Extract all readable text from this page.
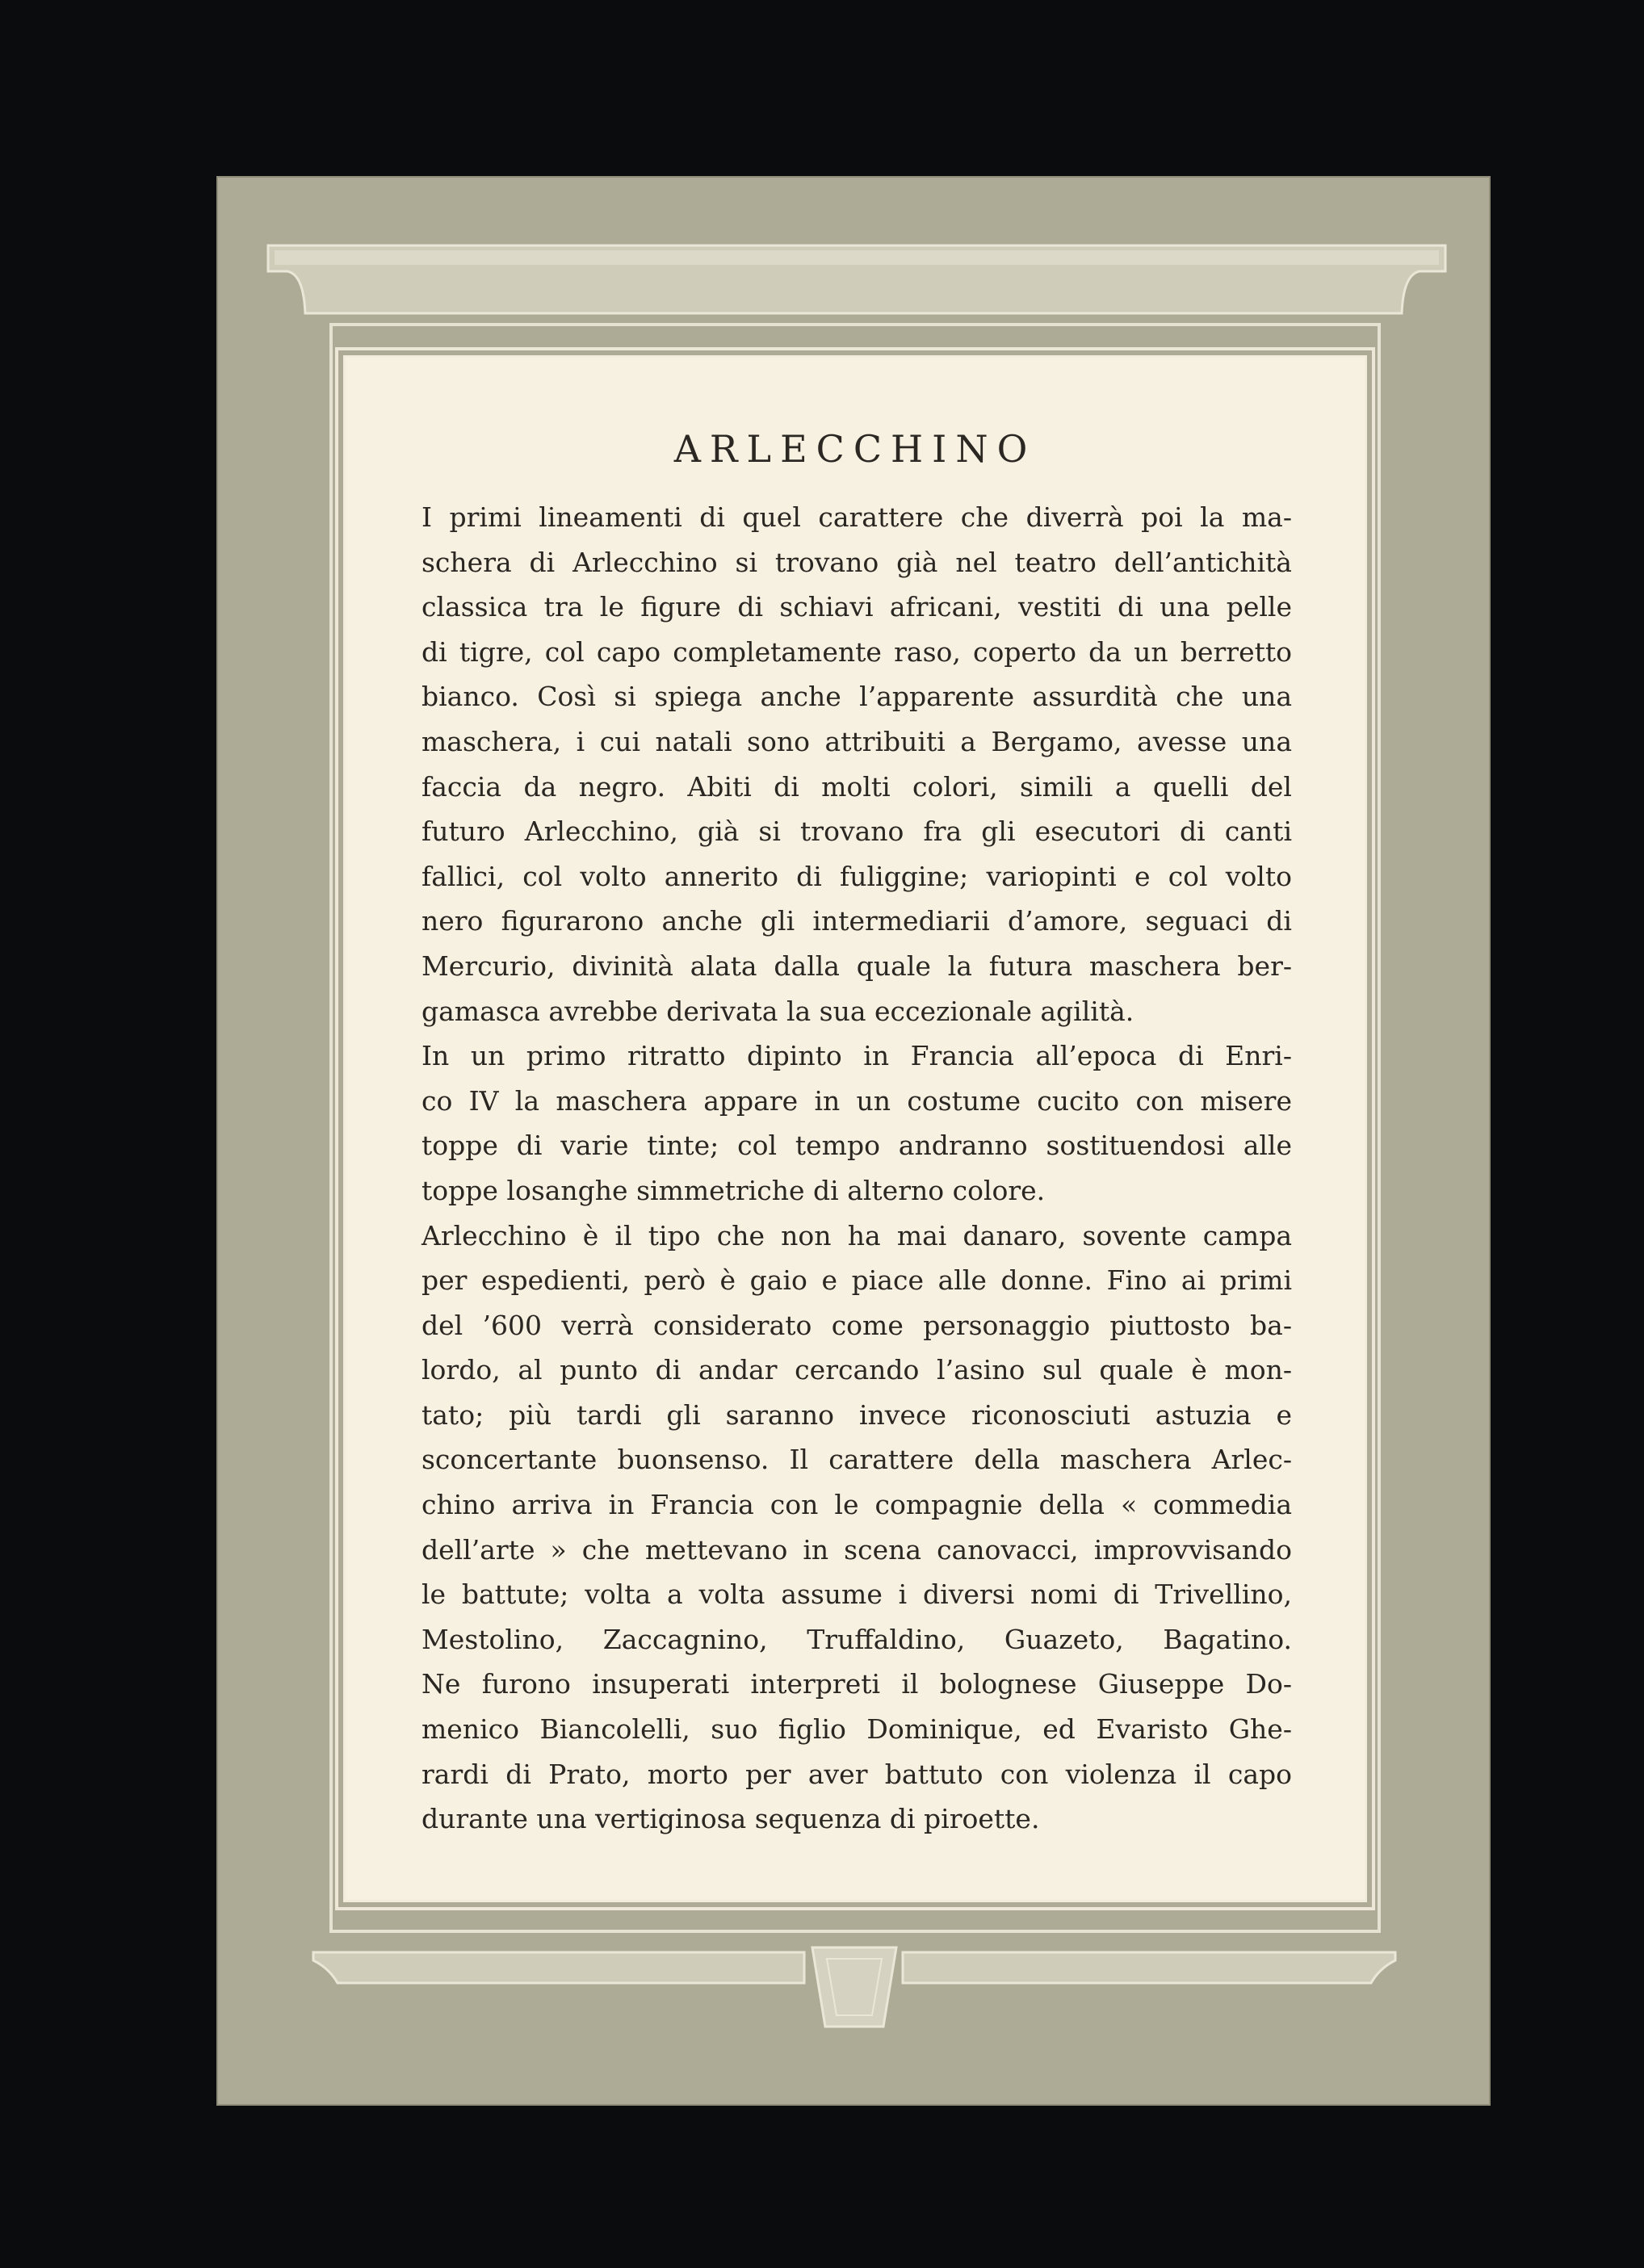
ARLECCHINO
I primi lineamenti di quel carattere che diverrà poi la ma-
schera di Arlecchino si trovano già nel teatro dell’antichità
classica tra le figure di schiavi africani, vestiti di una pelle
di tigre, col capo completamente raso, coperto da un berretto
bianco. Così si spiega anche l’apparente assurdità che una
maschera, i cui natali sono attribuiti a Bergamo, avesse una
faccia da negro. Abiti di molti colori, simili a quelli del
futuro Arlecchino, già si trovano fra gli esecutori di canti
fallici, col volto annerito di fuliggine; variopinti e col volto
nero figurarono anche gli intermediarii d’amore, seguaci di
Mercurio, divinità alata dalla quale la futura maschera ber-
gamasca avrebbe derivata la sua eccezionale agilità.
In un primo ritratto dipinto in Francia all’epoca di Enri-
co IV la maschera appare in un costume cucito con misere
toppe di varie tinte; col tempo andranno sostituendosi alle
toppe losanghe simmetriche di alterno colore.
Arlecchino è il tipo che non ha mai danaro, sovente campa
per espedienti, però è gaio e piace alle donne. Fino ai primi
del ’600 verrà considerato come personaggio piuttosto ba-
lordo, al punto di andar cercando l’asino sul quale è mon-
tato; più tardi gli saranno invece riconosciuti astuzia e
sconcertante buonsenso. Il carattere della maschera Arlec-
chino arriva in Francia con le compagnie della « commedia
dell’arte » che mettevano in scena canovacci, improvvisando
le battute; volta a volta assume i diversi nomi di Trivellino,
Mestolino, Zaccagnino, Truffaldino, Guazeto, Bagatino.
Ne furono insuperati interpreti il bolognese Giuseppe Do-
menico Biancolelli, suo figlio Dominique, ed Evaristo Ghe-
rardi di Prato, morto per aver battuto con violenza il capo
durante una vertiginosa sequenza di piroette.
